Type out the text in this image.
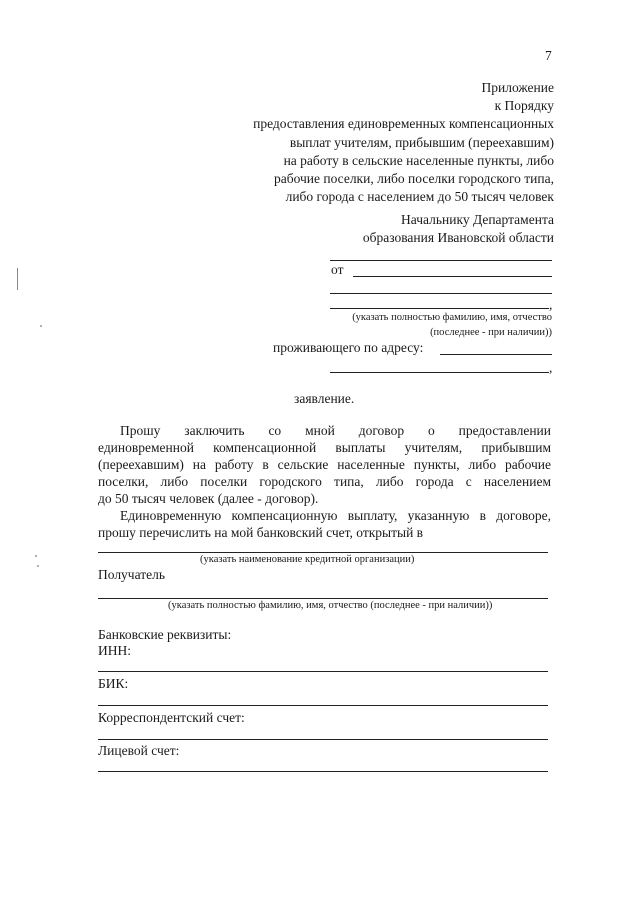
7
Приложение
к Порядку
предоставления единовременных компенсационных
выплат учителям, прибывшим (переехавшим)
на работу в сельские населенные пункты, либо
рабочие поселки, либо поселки городского типа,
либо города с населением до 50 тысяч человек
Начальнику Департамента
образования Ивановской области
от
,
(указать полностью фамилию, имя, отчество
(последнее - при наличии))
проживающего по адресу:
,
заявление.
Прошу заключить со мной договор о предоставлении
единовременной компенсационной выплаты учителям, прибывшим
(переехавшим) на работу в сельские населенные пункты, либо рабочие
поселки, либо поселки городского типа, либо города с населением
до 50 тысяч человек (далее - договор).
Единовременную компенсационную выплату, указанную в договоре,
прошу перечислить на мой банковский счет, открытый в
(указать наименование кредитной организации)
Получатель
(указать полностью фамилию, имя, отчество (последнее - при наличии))
Банковские реквизиты:
ИНН:
БИК:
Корреспондентский счет:
Лицевой счет:
